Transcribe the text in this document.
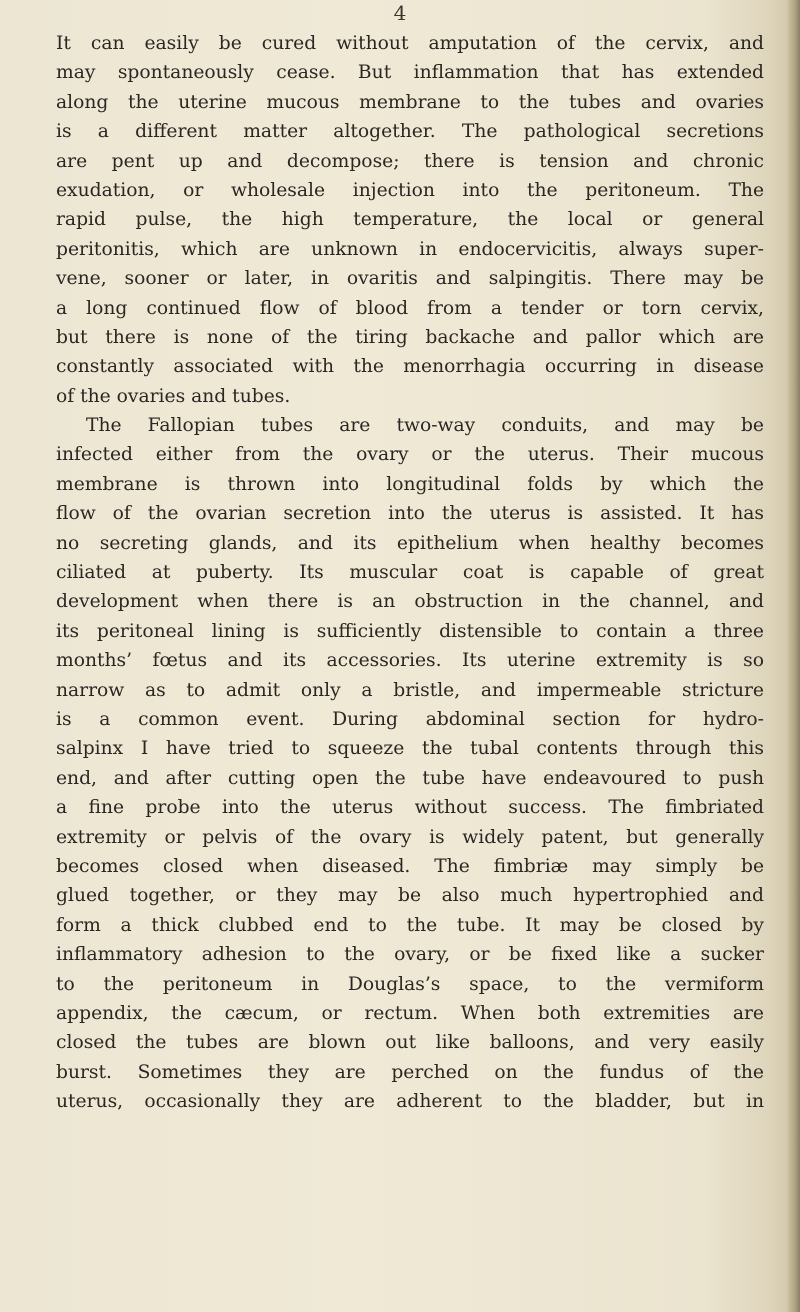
4
It can easily be cured without amputation of the cervix, and
may spontaneously cease. But inflammation that has extended
along the uterine mucous membrane to the tubes and ovaries
is a different matter altogether. The pathological secretions
are pent up and decompose; there is tension and chronic
exudation, or wholesale injection into the peritoneum. The
rapid pulse, the high temperature, the local or general
peritonitis, which are unknown in endocervicitis, always super-
vene, sooner or later, in ovaritis and salpingitis. There may be
a long continued flow of blood from a tender or torn cervix,
but there is none of the tiring backache and pallor which are
constantly associated with the menorrhagia occurring in disease
of the ovaries and tubes.
The Fallopian tubes are two-way conduits, and may be
infected either from the ovary or the uterus. Their mucous
membrane is thrown into longitudinal folds by which the
flow of the ovarian secretion into the uterus is assisted. It has
no secreting glands, and its epithelium when healthy becomes
ciliated at puberty. Its muscular coat is capable of great
development when there is an obstruction in the channel, and
its peritoneal lining is sufficiently distensible to contain a three
months’ fœtus and its accessories. Its uterine extremity is so
narrow as to admit only a bristle, and impermeable stricture
is a common event. During abdominal section for hydro-
salpinx I have tried to squeeze the tubal contents through this
end, and after cutting open the tube have endeavoured to push
a fine probe into the uterus without success. The fimbriated
extremity or pelvis of the ovary is widely patent, but generally
becomes closed when diseased. The fimbriæ may simply be
glued together, or they may be also much hypertrophied and
form a thick clubbed end to the tube. It may be closed by
inflammatory adhesion to the ovary, or be fixed like a sucker
to the peritoneum in Douglas’s space, to the vermiform
appendix, the cæcum, or rectum. When both extremities are
closed the tubes are blown out like balloons, and very easily
burst. Sometimes they are perched on the fundus of the
uterus, occasionally they are adherent to the bladder, but in
